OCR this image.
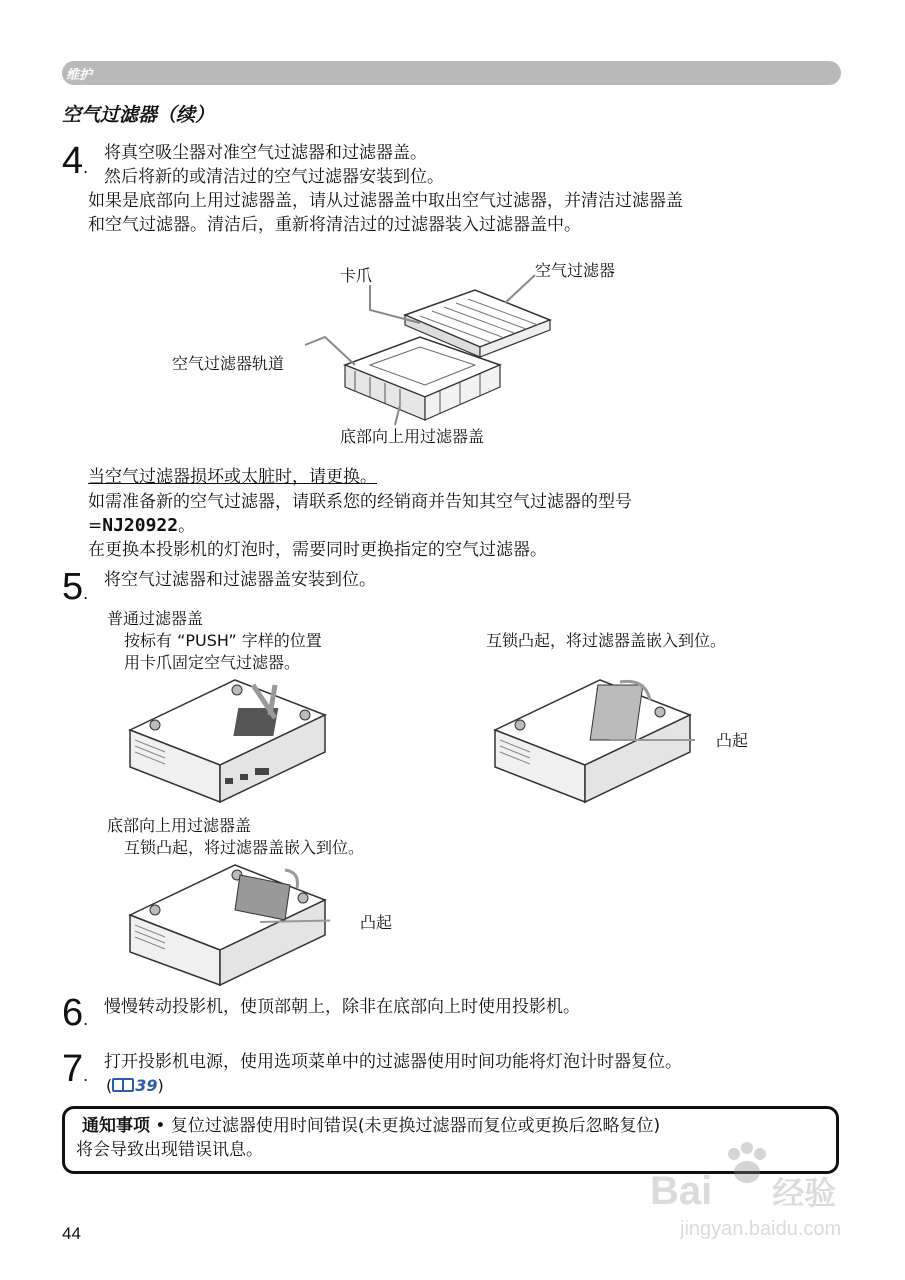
维护
空气过滤器（续）
4.
将真空吸尘器对准空气过滤器和过滤器盖。
然后将新的或清洁过的空气过滤器安装到位。
如果是底部向上用过滤器盖，请从过滤器盖中取出空气过滤器，并清洁过滤器盖
和空气过滤器。清洁后，重新将清洁过的过滤器装入过滤器盖中。
卡爪	空气过滤器
空气过滤器轨道
底部向上用过滤器盖
当空气过滤器损坏或太脏时，请更换。
如需准备新的空气过滤器，请联系您的经销商并告知其空气过滤器的型号
=NJ20922。
在更换本投影机的灯泡时，需要同时更换指定的空气过滤器。
5.
将空气过滤器和过滤器盖安装到位。
普通过滤器盖
按标有 “PUSH” 字样的位置
用卡爪固定空气过滤器。
互锁凸起，将过滤器盖嵌入到位。
凸起
底部向上用过滤器盖
互锁凸起，将过滤器盖嵌入到位。
凸起
6.
慢慢转动投影机，使顶部朝上，除非在底部向上时使用投影机。
7.
打开投影机电源，使用选项菜单中的过滤器使用时间功能将灯泡计时器复位。
( 39)
通知事项 • 复位过滤器使用时间错误(未更换过滤器而复位或更换后忽略复位)
将会导致出现错误讯息。
44
Bai 经验
jingyan.baidu.com
